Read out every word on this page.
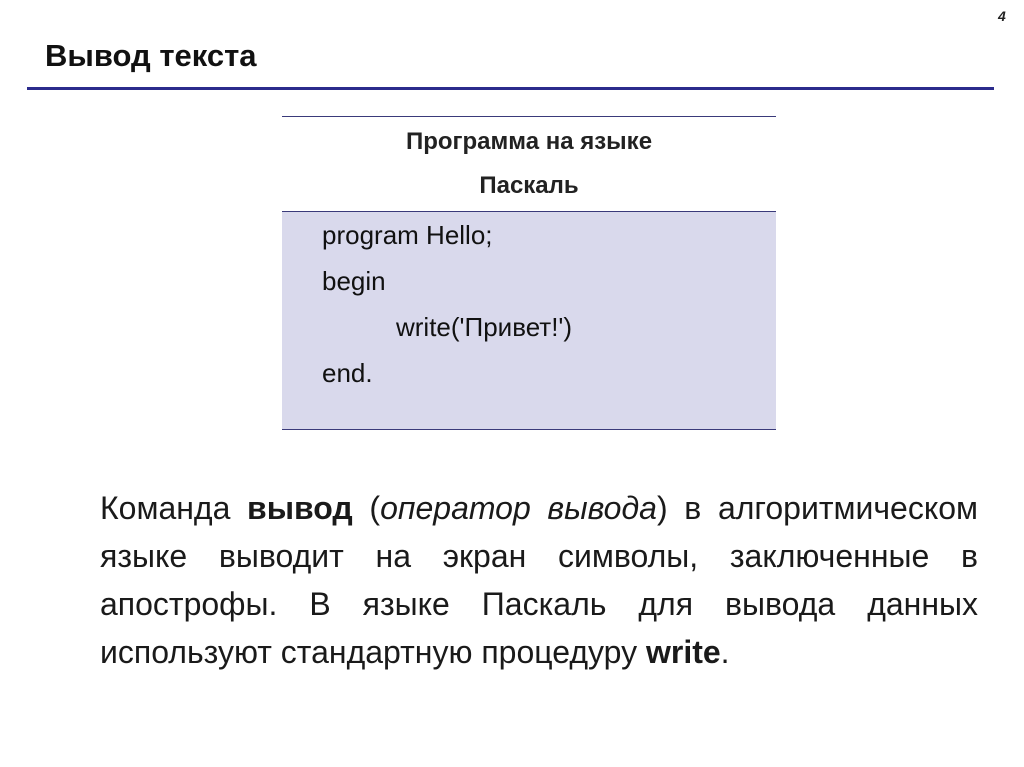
4
Вывод текста
Программа на языке
Паскаль
program Hello;
begin
write('Привет!')
end.

Команда вывод (оператор вывода) в алгоритмическом языке выводит на экран символы, заключенные в апострофы. В языке Паскаль для вывода данных используют стандартную процедуру write.
